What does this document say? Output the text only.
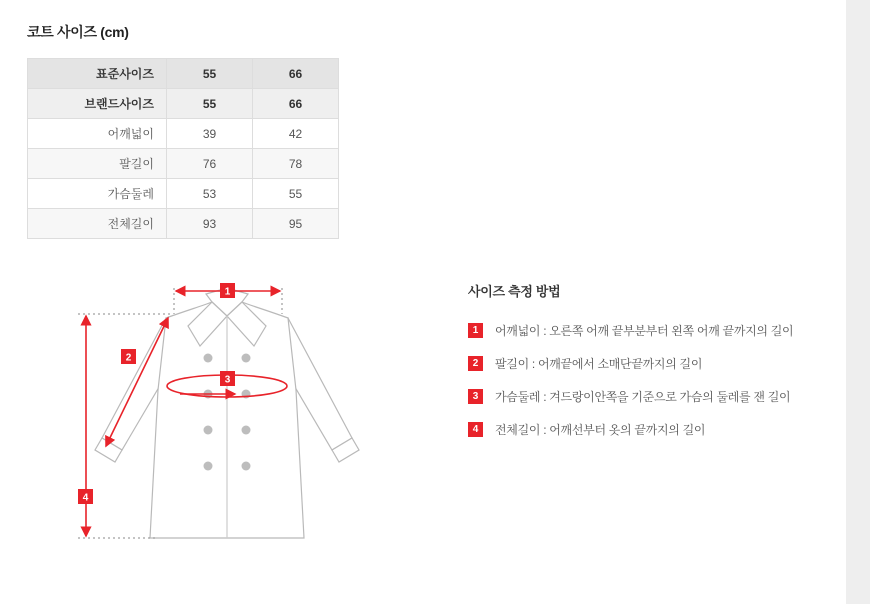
코트 사이즈 (cm)
표준사이즈	55	66
브랜드사이즈	55	66
어깨넓이	39	42
팔길이	76	78
가슴둘레	53	55
전체길이	93	95
1
2
3
4
사이즈 측정 방법
1	어깨넓이 : 오른쪽 어깨 끝부분부터 왼쪽 어깨 끝까지의 길이
2	팔길이 : 어깨끝에서 소매단끝까지의 길이
3	가슴둘레 : 겨드랑이안쪽을 기준으로 가슴의 둘레를 잰 길이
4	전체길이 : 어깨선부터 옷의 끝까지의 길이
